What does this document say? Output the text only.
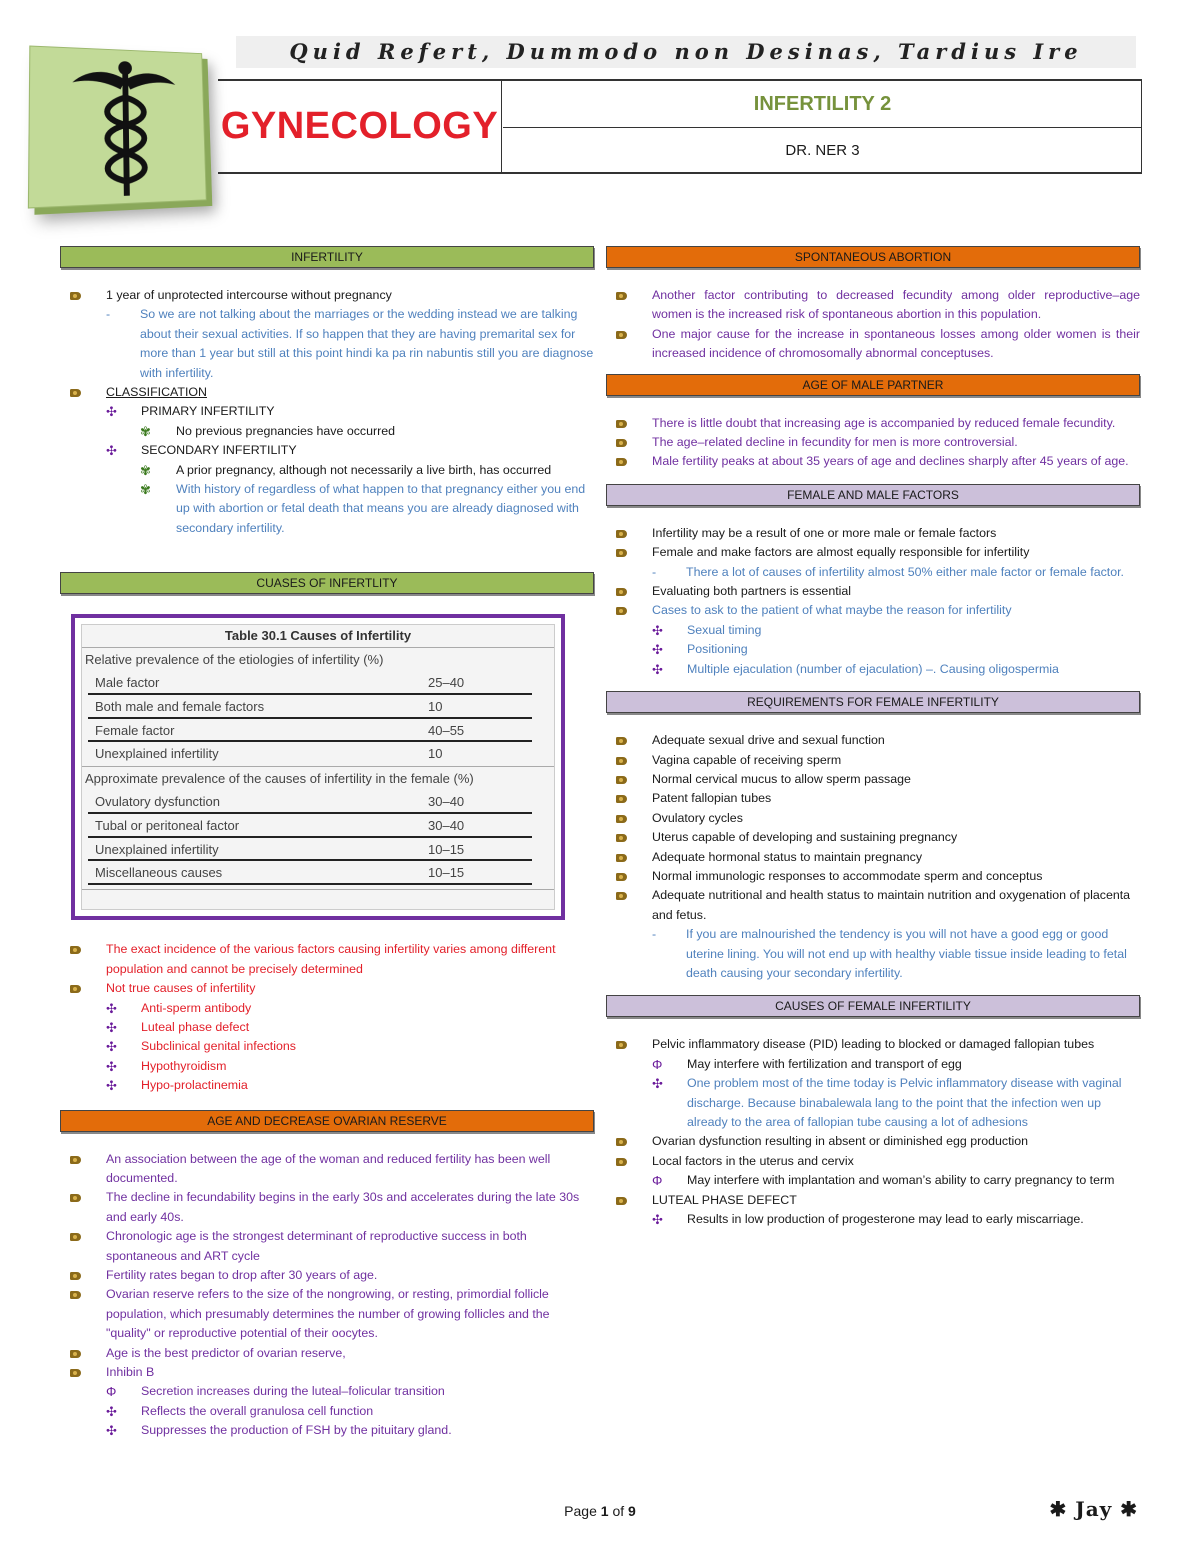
Quid Refert, Dummodo non Desinas, Tardius Ire
GYNECOLOGY
INFERTILITY 2
DR. NER 3
INFERTILITY
1 year of unprotected intercourse without pregnancy
- So we are not talking about the marriages or the wedding instead we are talking about their sexual activities. If so happen that they are having premarital sex for more than 1 year but still at this point hindi ka pa rin nabuntis still you are diagnose with infertility.
CLASSIFICATION
✣ PRIMARY INFERTILITY
✾ No previous pregnancies have occurred
✣ SECONDARY INFERTILITY
✾ A prior pregnancy, although not necessarily a live birth, has occurred
✾ With history of regardless of what happen to that pregnancy either you end up with abortion or fetal death that means you are already diagnosed with secondary infertility.
CUASES OF INFERTLITY
Table 30.1 Causes of Infertility
Relative prevalence of the etiologies of infertility (%)
Male factor	25–40
Both male and female factors	10
Female factor	40–55
Unexplained infertility	10
Approximate prevalence of the causes of infertility in the female (%)
Ovulatory dysfunction	30–40
Tubal or peritoneal factor	30–40
Unexplained infertility	10–15
Miscellaneous causes	10–15
The exact incidence of the various factors causing infertility varies among different population and cannot be precisely determined
Not true causes of infertility
✣ Anti-sperm antibody
✣ Luteal phase defect
✣ Subclinical genital infections
✣ Hypothyroidism
✣ Hypo-prolactinemia
AGE AND DECREASE OVARIAN RESERVE
An association between the age of the woman and reduced fertility has been well documented.
The decline in fecundability begins in the early 30s and accelerates during the late 30s and early 40s.
Chronologic age is the strongest determinant of reproductive success in both spontaneous and ART cycle
Fertility rates began to drop after 30 years of age.
Ovarian reserve refers to the size of the nongrowing, or resting, primordial follicle population, which presumably determines the number of growing follicles and the "quality" or reproductive potential of their oocytes.
Age is the best predictor of ovarian reserve,
Inhibin B
Φ Secretion increases during the luteal–folicular transition
✣ Reflects the overall granulosa cell function
✣ Suppresses the production of FSH by the pituitary gland.
SPONTANEOUS ABORTION
Another factor contributing to decreased fecundity among older reproductive–age women is the increased risk of spontaneous abortion in this population.
One major cause for the increase in spontaneous losses among older women is their increased incidence of chromosomally abnormal conceptuses.
AGE OF MALE PARTNER
There is little doubt that increasing age is accompanied by reduced female fecundity.
The age–related decline in fecundity for men is more controversial.
Male fertility peaks at about 35 years of age and declines sharply after 45 years of age.
FEMALE AND MALE FACTORS
Infertility may be a result of one or more male or female factors
Female and make factors are almost equally responsible for infertility
- There a lot of causes of infertility almost 50% either male factor or female factor.
Evaluating both partners is essential
Cases to ask to the patient of what maybe the reason for infertility
✣ Sexual timing
✣ Positioning
✣ Multiple ejaculation (number of ejaculation) –. Causing oligospermia
REQUIREMENTS FOR FEMALE INFERTILITY
Adequate sexual drive and sexual function
Vagina capable of receiving sperm
Normal cervical mucus to allow sperm passage
Patent fallopian tubes
Ovulatory cycles
Uterus capable of developing and sustaining pregnancy
Adequate hormonal status to maintain pregnancy
Normal immunologic responses to accommodate sperm and conceptus
Adequate nutritional and health status to maintain nutrition and oxygenation of placenta and fetus.
- If you are malnourished the tendency is you will not have a good egg or good uterine lining. You will not end up with healthy viable tissue inside leading to fetal death causing your secondary infertility.
CAUSES OF FEMALE INFERTILITY
Pelvic inflammatory disease (PID) leading to blocked or damaged fallopian tubes
Φ May interfere with fertilization and transport of egg
✣ One problem most of the time today is Pelvic inflammatory disease with vaginal discharge. Because binabalewala lang to the point that the infection wen up already to the area of fallopian tube causing a lot of adhesions
Ovarian dysfunction resulting in absent or diminished egg production
Local factors in the uterus and cervix
Φ May interfere with implantation and woman’s ability to carry pregnancy to term
LUTEAL PHASE DEFECT
✣ Results in low production of progesterone may lead to early miscarriage.
Page 1 of 9	✱ Jay ✱
